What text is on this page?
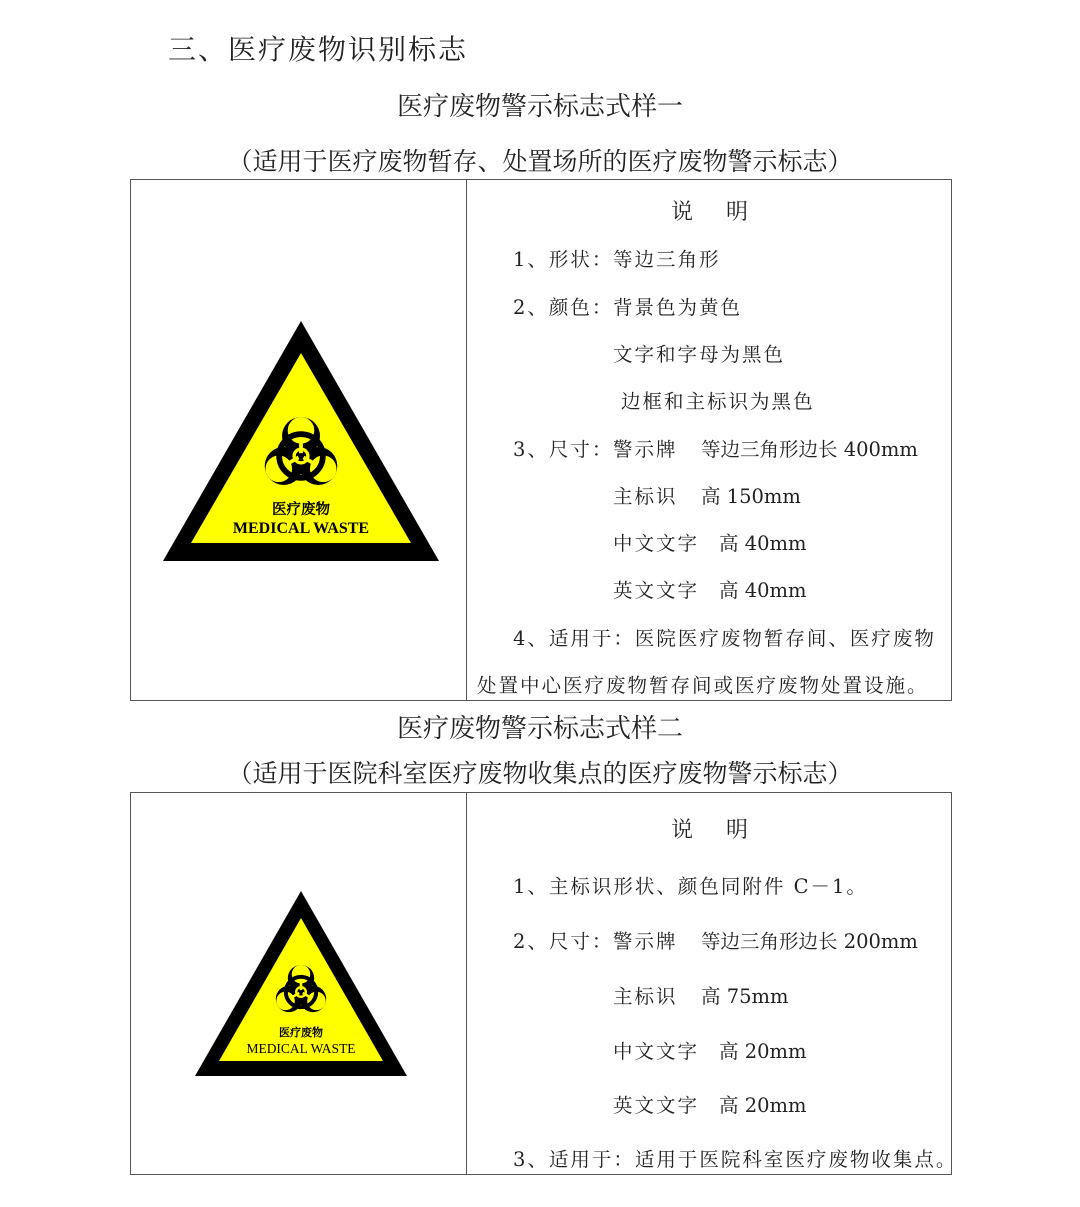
三、医疗废物识别标志
医疗废物警示标志式样一
（适用于医疗废物暂存、处置场所的医疗废物警示标志）
医疗废物
MEDICAL WASTE
说    明
1、形状： 等边三角形
2、颜色： 背景色为黄色
文字和字母为黑色
边框和主标识为黑色
3、尺寸： 警示牌 等边三角形边长 400mm
主标识 高 150mm
中文文字 高 40mm
英文文字 高 40mm
4、适用于：医院医疗废物暂存间、医疗废物
处置中心医疗废物暂存间或医疗废物处置设施。
医疗废物警示标志式样二
（适用于医院科室医疗废物收集点的医疗废物警示标志）
医疗废物
MEDICAL WASTE
说    明
1、主标识形状、颜色同附件 C－1。
2、尺寸： 警示牌 等边三角形边长 200mm
主标识 高 75mm
中文文字 高 20mm
英文文字 高 20mm
3、适用于：适用于医院科室医疗废物收集点。
